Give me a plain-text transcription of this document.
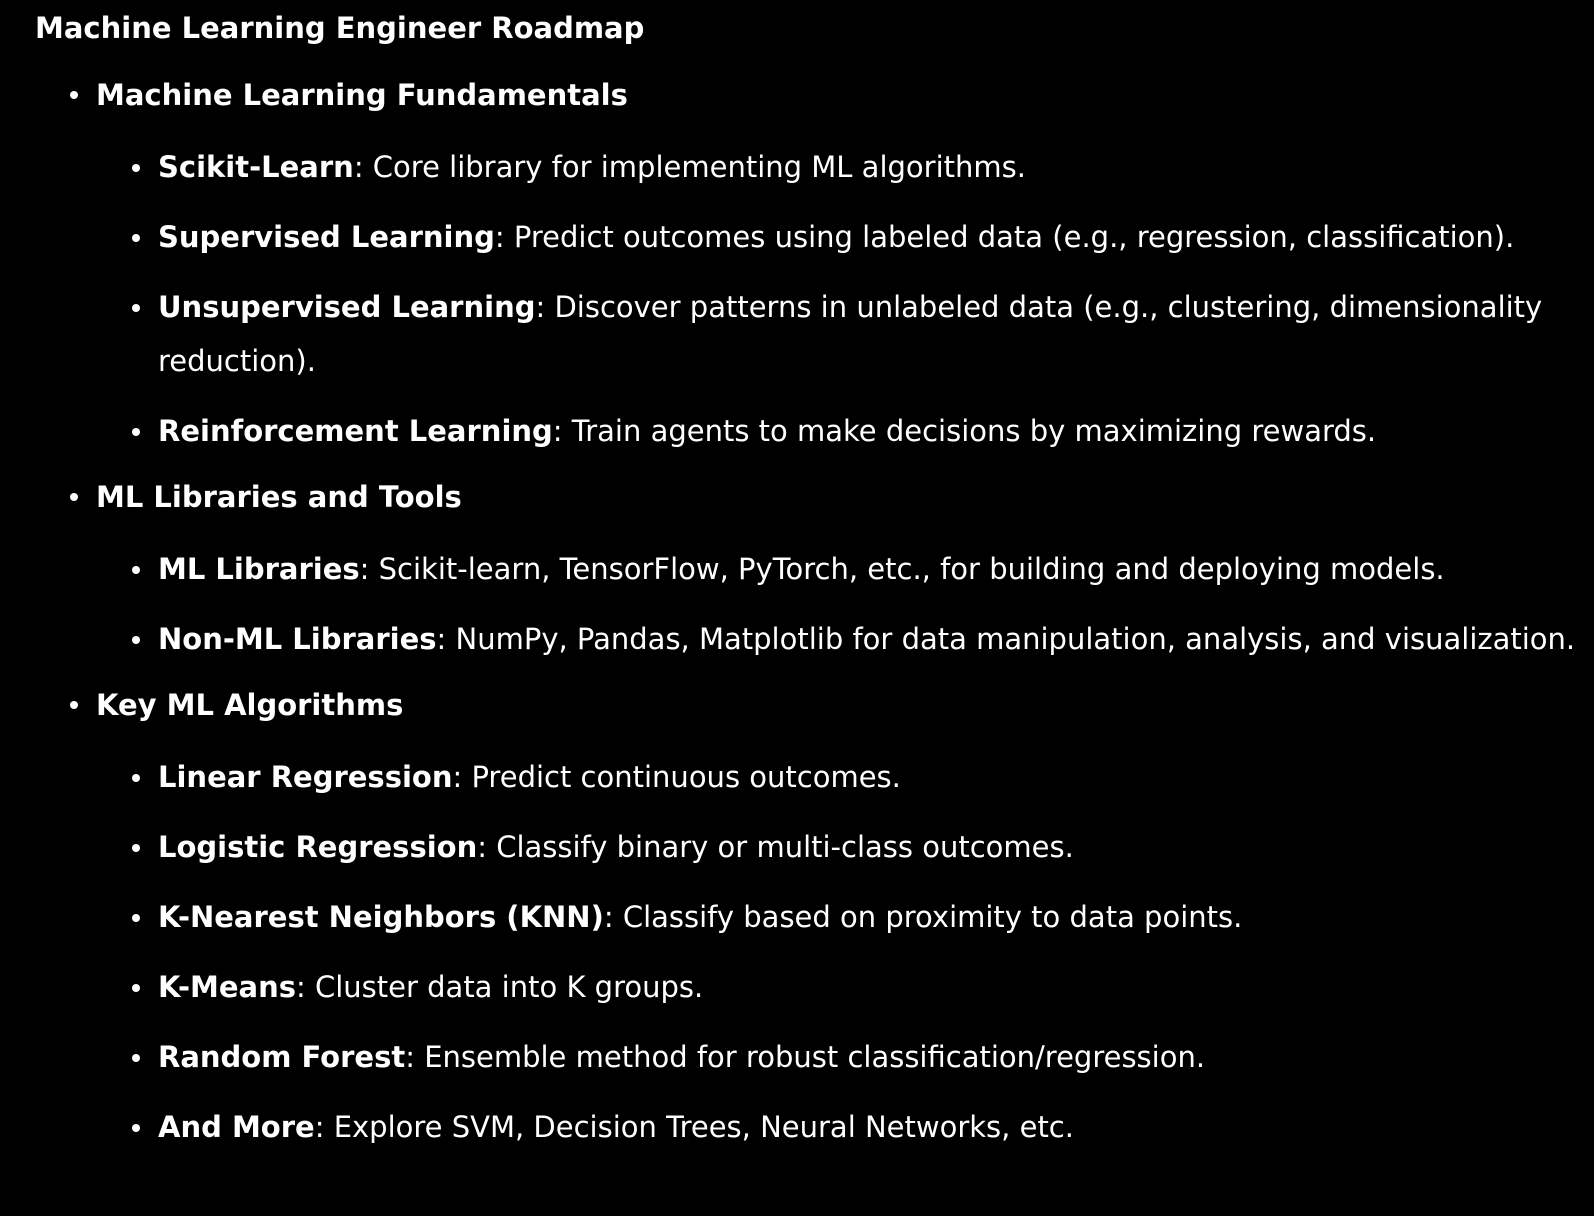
Machine Learning Engineer Roadmap
Machine Learning Fundamentals
Scikit-Learn: Core library for implementing ML algorithms.
Supervised Learning: Predict outcomes using labeled data (e.g., regression, classification).
Unsupervised Learning: Discover patterns in unlabeled data (e.g., clustering, dimensionality reduction).
Reinforcement Learning: Train agents to make decisions by maximizing rewards.
ML Libraries and Tools
ML Libraries: Scikit-learn, TensorFlow, PyTorch, etc., for building and deploying models.
Non-ML Libraries: NumPy, Pandas, Matplotlib for data manipulation, analysis, and visualization.
Key ML Algorithms
Linear Regression: Predict continuous outcomes.
Logistic Regression: Classify binary or multi-class outcomes.
K-Nearest Neighbors (KNN): Classify based on proximity to data points.
K-Means: Cluster data into K groups.
Random Forest: Ensemble method for robust classification/regression.
And More: Explore SVM, Decision Trees, Neural Networks, etc.
